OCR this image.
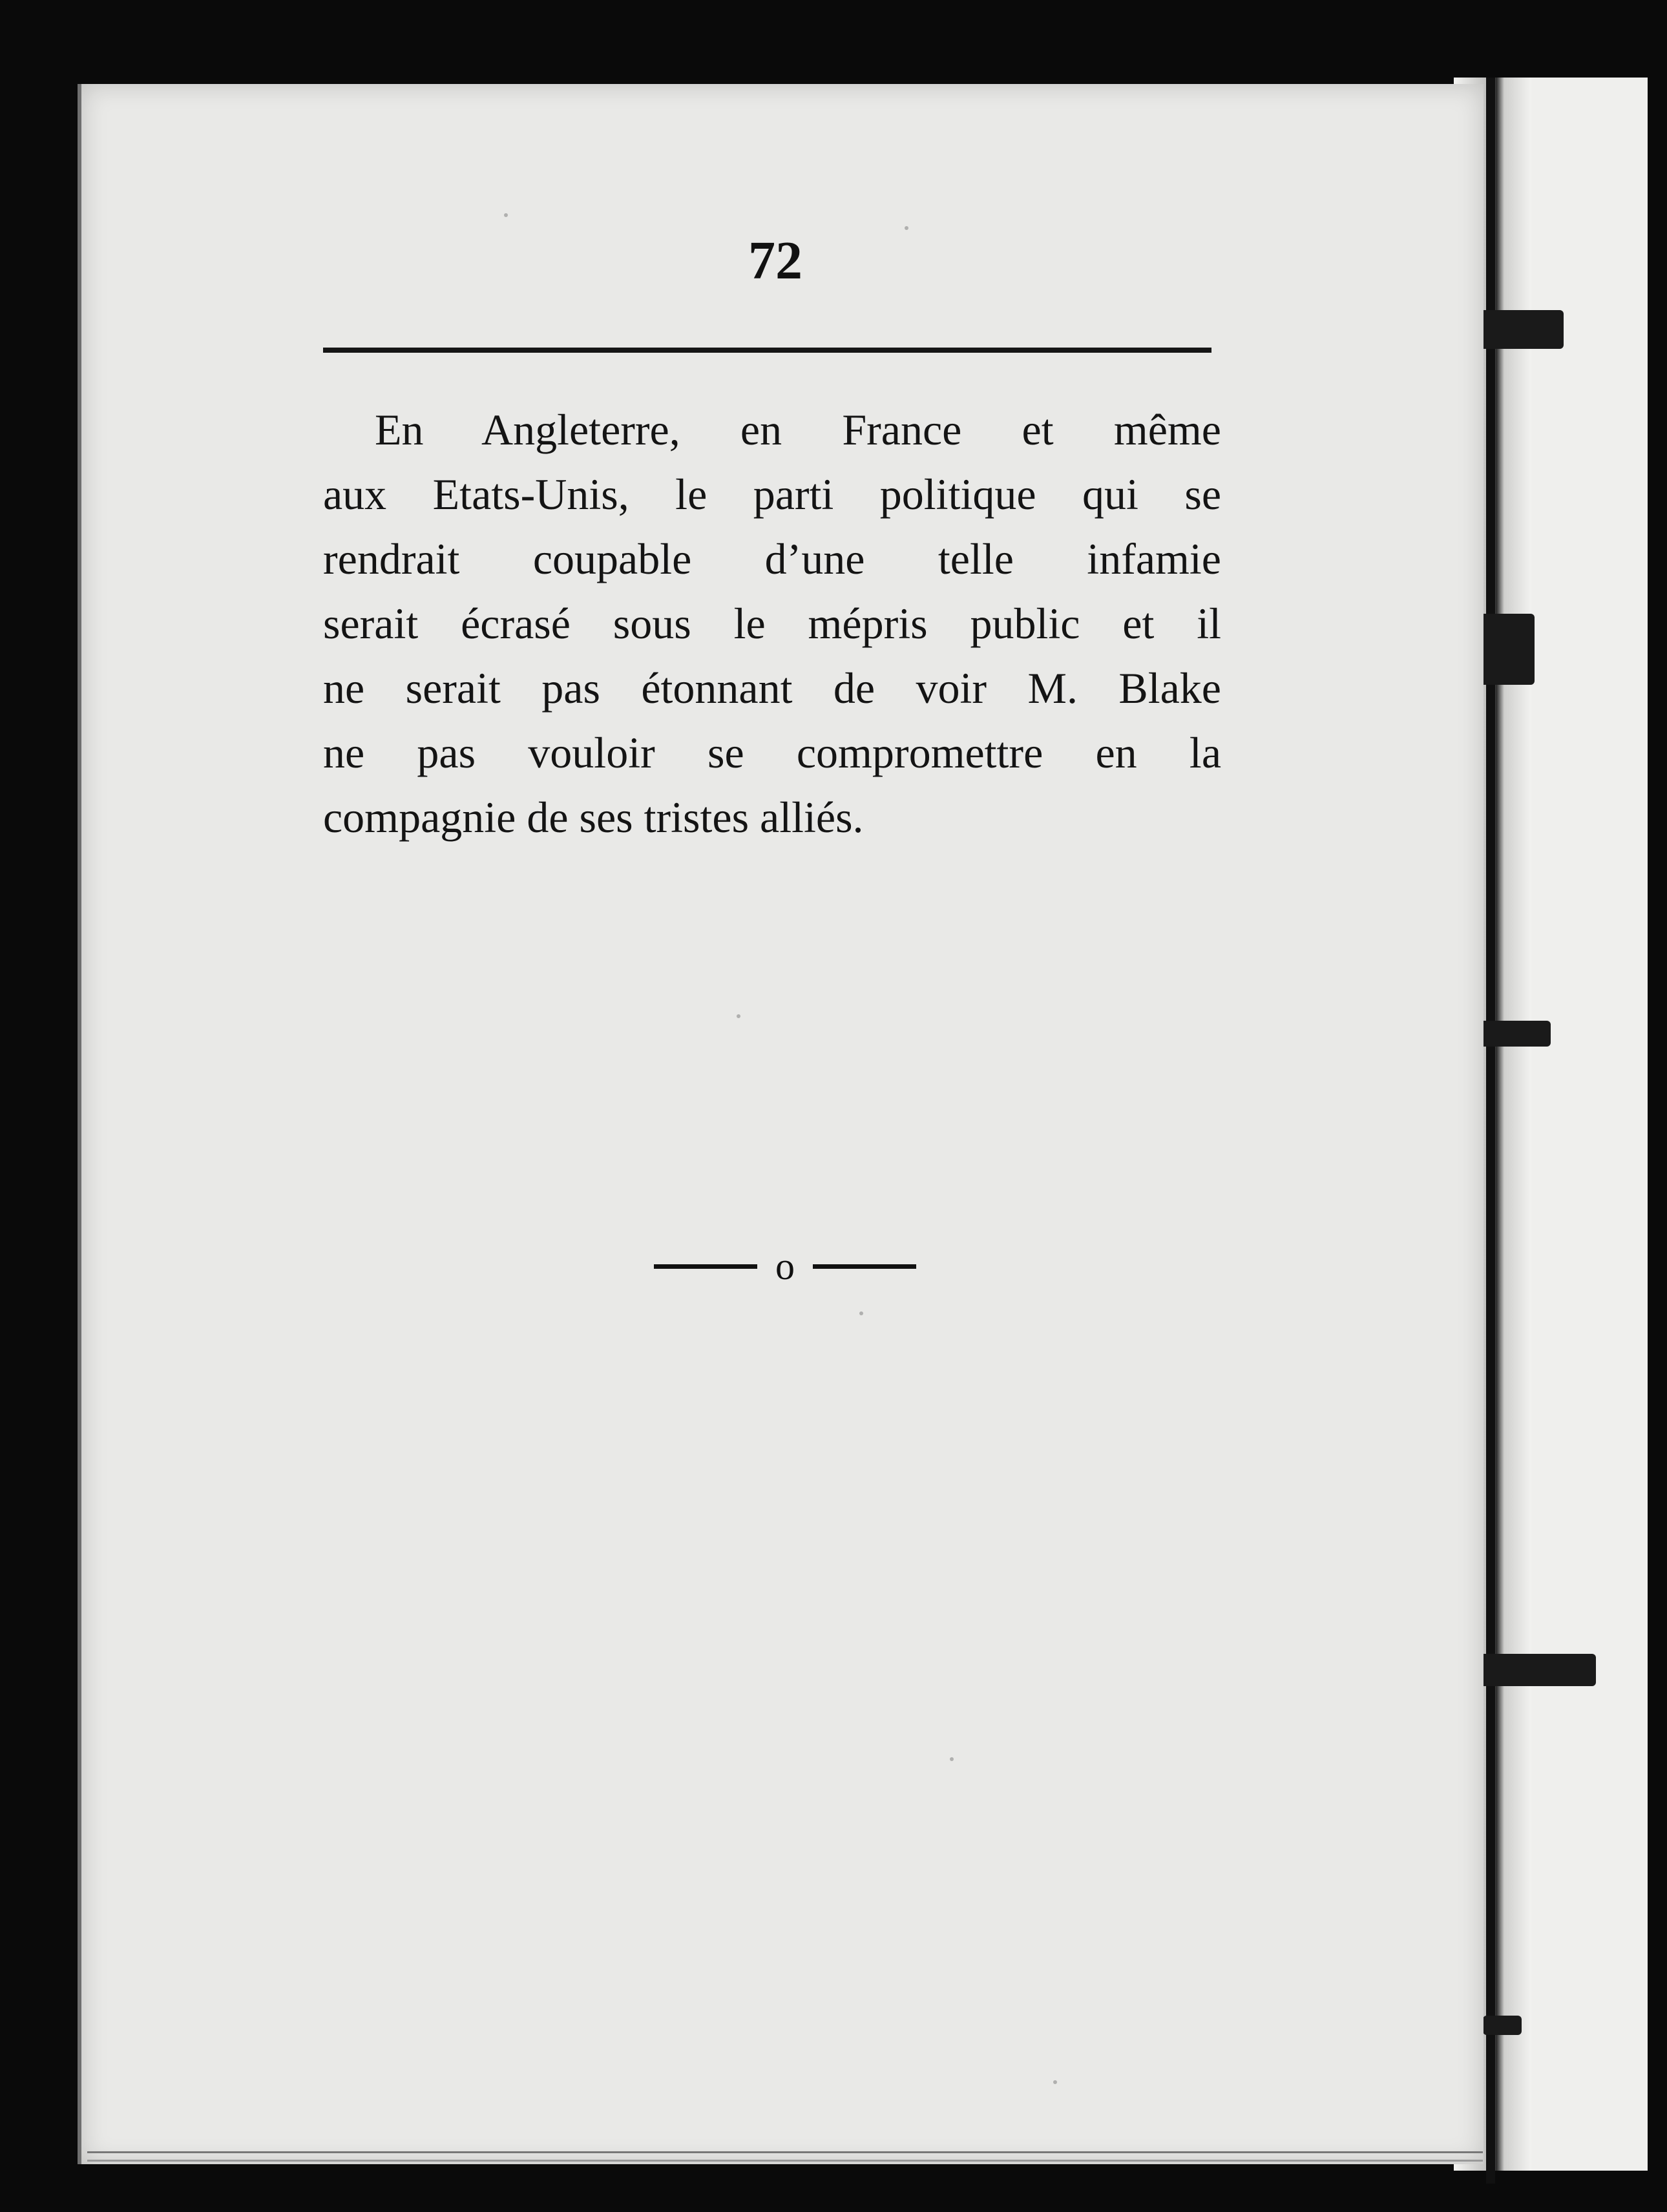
72
En Angleterre, en France et même
aux Etats-Unis, le parti politique qui se
rendrait coupable d’une telle infamie
serait écrasé sous le mépris public et il
ne serait pas étonnant de voir M. Blake
ne pas vouloir se compromettre en la
compagnie de ses tristes alliés.
o
